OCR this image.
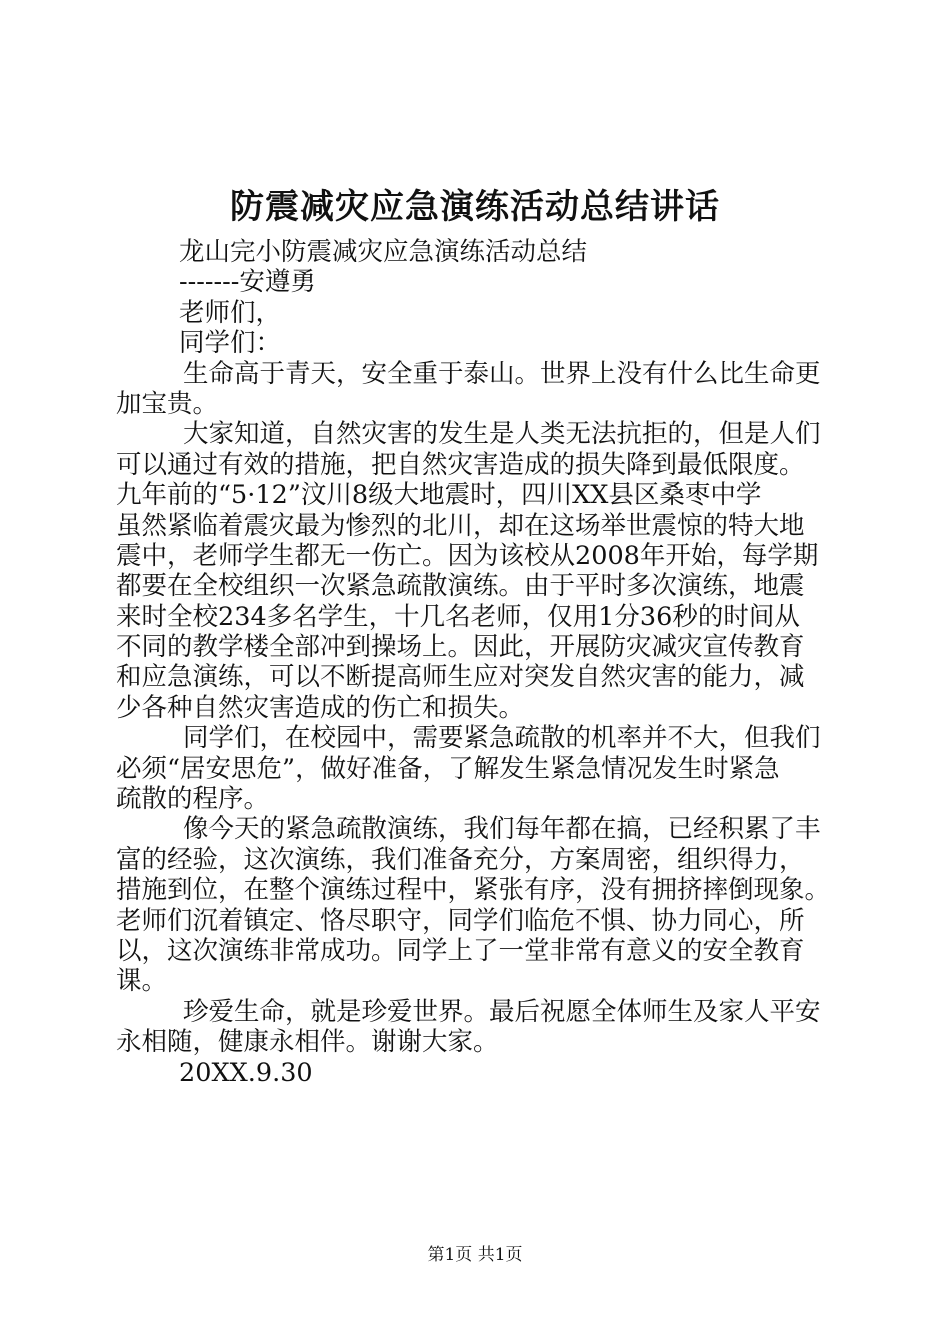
防震减灾应急演练活动总结讲话
龙山完小防震减灾应急演练活动总结
-------安遵勇
老师们，
同学们：
生命高于青天，安全重于泰山。世界上没有什么比生命更
加宝贵。
大家知道，自然灾害的发生是人类无法抗拒的，但是人们
可以通过有效的措施，把自然灾害造成的损失降到最低限度。
九年前的“5·12”汶川8级大地震时，四川XX县区桑枣中学
虽然紧临着震灾最为惨烈的北川，却在这场举世震惊的特大地
震中，老师学生都无一伤亡。因为该校从2008年开始，每学期
都要在全校组织一次紧急疏散演练。由于平时多次演练，地震
来时全校234多名学生，十几名老师，仅用1分36秒的时间从
不同的教学楼全部冲到操场上。因此，开展防灾减灾宣传教育
和应急演练，可以不断提高师生应对突发自然灾害的能力，减
少各种自然灾害造成的伤亡和损失。
同学们，在校园中，需要紧急疏散的机率并不大，但我们
必须“居安思危”，做好准备，了解发生紧急情况发生时紧急
疏散的程序。
像今天的紧急疏散演练，我们每年都在搞，已经积累了丰
富的经验，这次演练，我们准备充分，方案周密，组织得力，
措施到位，在整个演练过程中，紧张有序，没有拥挤摔倒现象。
老师们沉着镇定、恪尽职守，同学们临危不惧、协力同心，所
以，这次演练非常成功。同学上了一堂非常有意义的安全教育
课。
珍爱生命，就是珍爱世界。最后祝愿全体师生及家人平安
永相随，健康永相伴。谢谢大家。
20XX.9.30
第1页 共1页
